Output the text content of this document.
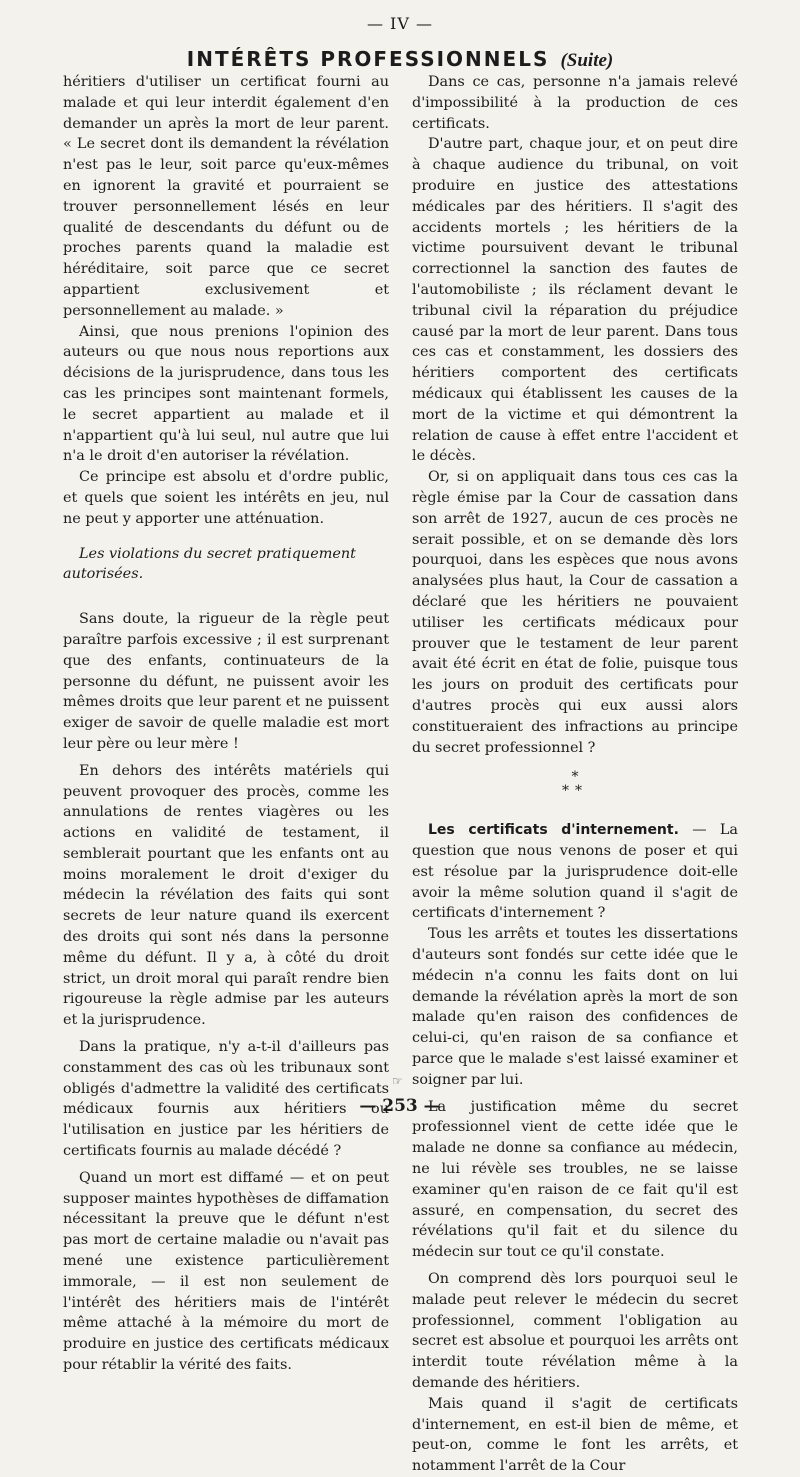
— IV —
INTÉRÊTS PROFESSIONNELS (Suite)

héritiers d'utiliser un certificat fourni au malade et qui leur interdit également d'en demander un après la mort de leur parent. « Le secret dont ils demandent la révélation n'est pas le leur, soit parce qu'eux-mêmes en ignorent la gravité et pourraient se trouver personnellement lésés en leur qualité de descendants du défunt ou de proches parents quand la maladie est héréditaire, soit parce que ce secret appartient exclusivement et personnellement au malade. »

Ainsi, que nous prenions l'opinion des auteurs ou que nous nous reportions aux décisions de la jurisprudence, dans tous les cas les principes sont maintenant formels, le secret appartient au malade et il n'appartient qu'à lui seul, nul autre que lui n'a le droit d'en autoriser la révélation.

Ce principe est absolu et d'ordre public, et quels que soient les intérêts en jeu, nul ne peut y apporter une atténuation.

Les violations du secret pratiquement autorisées.

Sans doute, la rigueur de la règle peut paraître parfois excessive ; il est surprenant que des enfants, continuateurs de la personne du défunt, ne puissent avoir les mêmes droits que leur parent et ne puissent exiger de savoir de quelle maladie est mort leur père ou leur mère !

En dehors des intérêts matériels qui peuvent provoquer des procès, comme les annulations de rentes viagères ou les actions en validité de testament, il semblerait pourtant que les enfants ont au moins moralement le droit d'exiger du médecin la révélation des faits qui sont secrets de leur nature quand ils exercent des droits qui sont nés dans la personne même du défunt. Il y a, à côté du droit strict, un droit moral qui paraît rendre bien rigoureuse la règle admise par les auteurs et la jurisprudence.

Dans la pratique, n'y a-t-il d'ailleurs pas constamment des cas où les tribunaux sont obligés d'admettre la validité des certificats médicaux fournis aux héritiers ou l'utilisation en justice par les héritiers de certificats fournis au malade décédé ?

Quand un mort est diffamé — et on peut supposer maintes hypothèses de diffamation nécessitant la preuve que le défunt n'est pas mort de certaine maladie ou n'avait pas mené une existence particulièrement immorale, — il est non seulement de l'intérêt des héritiers mais de l'intérêt même attaché à la mémoire du mort de produire en justice des certificats médicaux pour rétablir la vérité des faits.

Dans ce cas, personne n'a jamais relevé d'impossibilité à la production de ces certificats.

D'autre part, chaque jour, et on peut dire à chaque audience du tribunal, on voit produire en justice des attestations médicales par des héritiers. Il s'agit des accidents mortels ; les héritiers de la victime poursuivent devant le tribunal correctionnel la sanction des fautes de l'automobiliste ; ils réclament devant le tribunal civil la réparation du préjudice causé par la mort de leur parent. Dans tous ces cas et constamment, les dossiers des héritiers comportent des certificats médicaux qui établissent les causes de la mort de la victime et qui démontrent la relation de cause à effet entre l'accident et le décès.

Or, si on appliquait dans tous ces cas la règle émise par la Cour de cassation dans son arrêt de 1927, aucun de ces procès ne serait possible, et on se demande dès lors pourquoi, dans les espèces que nous avons analysées plus haut, la Cour de cassation a déclaré que les héritiers ne pouvaient utiliser les certificats médicaux pour prouver que le testament de leur parent avait été écrit en état de folie, puisque tous les jours on produit des certificats pour d'autres procès qui eux aussi alors constitueraient des infractions au principe du secret professionnel ?

*
**

Les certificats d'internement. — La question que nous venons de poser et qui est résolue par la jurisprudence doit-elle avoir la même solution quand il s'agit de certificats d'internement ?

Tous les arrêts et toutes les dissertations d'auteurs sont fondés sur cette idée que le médecin n'a connu les faits dont on lui demande la révélation après la mort de son malade qu'en raison des confidences de celui-ci, qu'en raison de sa confiance et parce que le malade s'est laissé examiner et soigner par lui.

La justification même du secret professionnel vient de cette idée que le malade ne donne sa confiance au médecin, ne lui révèle ses troubles, ne se laisse examiner qu'en raison de ce fait qu'il est assuré, en compensation, du secret des révélations qu'il fait et du silence du médecin sur tout ce qu'il constate.

On comprend dès lors pourquoi seul le malade peut relever le médecin du secret professionnel, comment l'obligation au secret est absolue et pourquoi les arrêts ont interdit toute révélation même à la demande des héritiers.

Mais quand il s'agit de certificats d'internement, en est-il bien de même, et peut-on, comme le font les arrêts, et notamment l'arrêt de la Cour

☞
— 253 —
